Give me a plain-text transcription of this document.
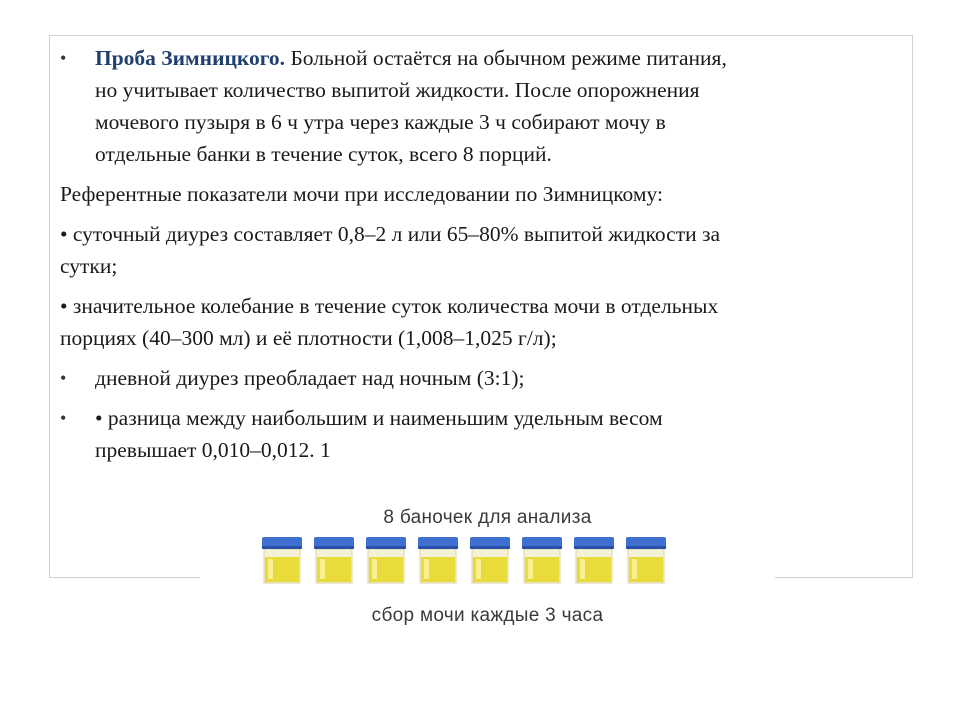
• Проба Зимницкого. Больной остаётся на обычном режиме питания,
но учитывает количество выпитой жидкости. После опорожнения
мочевого пузыря в 6 ч утра через каждые 3 ч собирают мочу в
отдельные банки в течение суток, всего 8 порций.
Референтные показатели мочи при исследовании по Зимницкому:
• суточный диурез составляет 0,8–2 л или 65–80% выпитой жидкости за
сутки;
• значительное колебание в течение суток количества мочи в отдельных
порциях (40–300 мл) и её плотности (1,008–1,025 г/л);
• дневной диурез преобладает над ночным (3:1);
• • разница между наибольшим и наименьшим удельным весом
превышает 0,010–0,012. 1
8 баночек для анализа
сбор мочи каждые 3 часа
